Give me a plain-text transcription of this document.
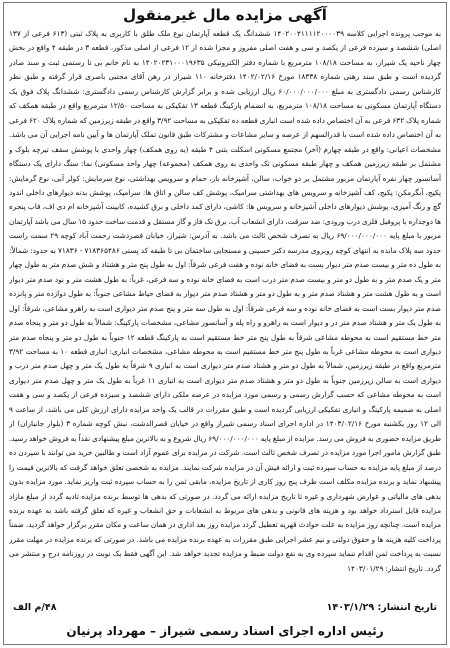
آگهی مزایده مال غیرمنقول
به موجب پرونده اجرایی کلاسه ۱۴۰۲۰۰۴۱۱۱۱۲۰۰۰۰۳۹ ششدانگ یک قطعه آپارتمان نوع ملک طلق با کاربری به پلاک ثبتی (۶۱۳ فرعی از ۱۳۷ اصلی) ششصد و سیزده فرعی از یکصد و سی و هفت اصلی مفروز و مجزا شده از ۱۲ فرعی از اصلی مذکور، قطعه ۳ در طبقه ۴ واقع در بخش چهار ناحیه یک شیراز، به مساحت ۱۰۸/۱۸ مترمربع با شماره دفتر الکترونیکی ۱۴۰۲۰۲۳۱۰۰۰۱۹۶۳۵ به نام خانم بی تا رستمی ثبت و سند صادر گردیده است و طبق سند رهنی شماره ۱۸۳۳۸ مورخ ۱۴۰۲/۰۲/۱۶ دفترخانه ۱۱۰ شیراز در رهن آقای مجتبی باصری قرار گرفته و طبق نظر کارشناس رسمی دادگستری به مبلغ ۶۰/۰۰۰/۰۰۰/۰۰۰ ریال ارزیابی شده و برابر گزارش کارشناس رسمی دادگستری: ششدانگ پلاک فوق یک دستگاه آپارتمان مسکونی به مساحت ۱۰۸/۱۸ مترمربع، به انضمام پارکینگ قطعه ۱۳ تفکیکی به مساحت ۱۲/۵۰ مترمربع واقع در طبقه همکف که شماره پلاک ۶۳۲ فرعی به آن اختصاص داده شده است انباری قطعه ده تفکیکی به مساحت ۳/۹۲ واقع در طبقه زیرزمین که شماره پلاک ۶۲۰ فرعی به آن اختصاص داده شده است با قدرالسهم از عرصه و سایر مشاعات و مشترکات طبق قانون تملک آپارتمان ها و آیین نامه اجرایی آن می باشد. مشخصات اعیانی: واقع در طبقه چهارم (آخر) مجتمع مسکونی اسکلت بتنی ۴ طبقه (به روی همکف) چهار واحدی با پوشش سقف تیرچه بلوک و مشتمل بر طبقه زیرزمین همکف و چهار طبقه مسکونی تک واحدی به روی همکف (مجموعه) چهار واحد مسکونی) نما: سنگ دارای یک دستگاه آسانسور چهار نفره آپارتمان مزبور مشتمل بر دو خواب، سالن، آشپزخانه باز، حمام و سرویس بهداشتی، نوع سرمایش: کولر آبی، نوع گرمایش: پکیج، آبگرمکن: پکیج، کف آشپزخانه و سرویس های بهداشتی سرامیک، پوشش کف سالن و اتاق ها: سرامیک، پوشش بدنه دیوارهای داخلی اندود گچ و رنگ آمیزی، پوشش دیوارهای داخلی آشپزخانه و سرویس ها: کاشی، دارای کمد داخلی و برق کشیده، کابینت آشپزخانه ام دی اف، قاب پنجره ها دوجداره با پروفیل فلزی درب ورودی: ضد سرقت، دارای انشعاب آب، برق تک فاز و گاز مستقل و قدمت ساخت حدود ۱۵ سال می باشد آپارتمان مزبور با مبلغ پایه ۶۹/۰۰۰/۰۰۰/۰۰۰ ریال به تصرف شخص ثالث می باشد. به آدرس: شیراز، خیابان قصردشت رحمت آباد کوچه ۲۹ سمت راست حدود سه پلاک مانده به انتهای کوچه روبروی مدرسه دکتر حسینی و مستجابی ساختمان بی تا طبقه کد پستی ۷۱۸۳۶۵۴۸۶ - ۷۱۸۳۶ به حدود: شمالاً: به طول ده متر و بیست صدم متر دیوار بست به فضای خانه نوده و هفت فرعی شرقاً: اول به طول پنج متر و هشتاد و شش صدم متر به طول چهار متر و یک صدم متر و به طول دو متر و بیست صدم متر درب است به فضای خانه نوده و سه فرعی، غرباً: به طول هشت متر و نود صدم متر دیوار است و به طول هشت متر و هشتاد صدم متر و به طول دو متر و هشتاد صدم متر دیوار به فضای حیاط مشاعی جنوباً: به طول دوازده متر و پانزده صدم متر دیوار بست است به فضای خانه نوده و سه فرعی شرقاً: اول به طول سه متر و پنج صدم متر دیواری است به راهرو مشاعی، شرقاً: اول به طول یک متر و هشتاد صدم متر در و دیوار است به راهرو و راه پله و آسانسور مشاعی، مشخصات پارکینگ: شمالاً به طول دو متر و پنجاه صدم متر خط مستقیم است به محوطه مشاعی شرقاً به طول پنج متر خط مستقیم است به پارکینگ قطعه ۱۲ جنوباً به طول دو متر و پنجاه صدم متر دیواری است به محوطه مشاعی غرباً به طول پنج متر خط مستقیم است به محوطه مشاعی، مشخصات انباری: انباری قطعه ۱۰ به مساحت ۳/۹۲ مترمربع واقع در طبقه زیرزمین، شمالاً به طول دو متر و هشتاد صدم متر دیواری است به انباری ۹ شرقاً به طول یک متر و چهل صدم متر درب و دیواری است به سالن زیرزمین جنوباً به طول دو متر و هشتاد صدم متر دیواری است به انباری ۱۱ غرباً به طول یک متر و چهل صدم متر دیواری است به محوطه مشاعی که حسب گزارش رسمی و رسمی مورد مزایده در عرصه ملکی دارای ششصد و سیزده فرعی از یکصد و سی و هفت اصلی به ضمیمه پارکینگ و انباری تفکیکی ارزیابی گردیده است و طبق مقررات در قالب یک واحد مزایده دارای ارزش کلی می باشد، از ساعت ۹ الی ۱۲ روز یکشنبه مورخ ۱۴۰۳/۰۲/۱۶ در اداره اجرای اسناد رسمی شیراز واقع در خیابان قصرالدشت، نبش کوچه شماره ۳ (بلوار جانبازان) از طریق مزایده حضوری به فروش می رسد. مزایده از مبلغ پایه ۶۹/۰۰۰/۰۰۰/۰۰۰ ریال شروع و به بالاترین مبلغ پیشنهادی نقداً به فروش خواهد رسید. طبق گزارش مامور اجرا مورد مزایده در تصرف شخص ثالث است. شرکت در مزایده برای عموم آزاد است و طالبین خرید می توانند با سپردن ده درصد از مبلغ پایه مزایده به حساب سپرده ثبت و ارائه فیش آن در مزایده شرکت نمایند. مزایده به شخصی تعلق خواهد گرفت که بالاترین قیمت را پیشنهاد نماید و برنده مزایده مکلف است ظرف پنج روز کاری از تاریخ مزایده، مابقی ثمن را به حساب سپرده ثبت واریز نماید. مورد مزایده بدون بدهی های مالیاتی و عوارض شهرداری و غیره تا تاریخ مزایده ارائه می گردد. در صورتی که بدهی ها توسط برنده مزایده تادیه گردد از مبلغ مازاد مزایده قابل استرداد خواهد بود و هزینه های قانونی و بدهی های مربوط به انشعابات و حق انشعاب و غیره که تعلق گرفته باشد به عهده برنده مزایده است. چنانچه روز مزایده به علت حوادث قهریه تعطیل گردد مزایده روز بعد اداری در همان ساعت و مکان مقرر برگزار خواهد گردید. ضمناً پرداخت کلیه هزینه ها و حقوق دولتی و نیم عشر اجرایی طبق مقررات به عهده برنده مزایده می باشد. در صورتی که برنده مزایده در مهلت مقرر نسبت به پرداخت ثمن اقدام ننماید سپرده وی به نفع دولت ضبط و مزایده تجدید خواهد شد. این آگهی فقط یک نوبت در روزنامه درج و منتشر می گردد. تاریخ انتشار: ۱۴۰۳/۰۱/۲۹
تاریخ انتشار: ۱۴۰۳/۱/۲۹
۴۸/م الف
رئیس اداره اجرای اسناد رسمی شیراز – مهرداد پرنیان
